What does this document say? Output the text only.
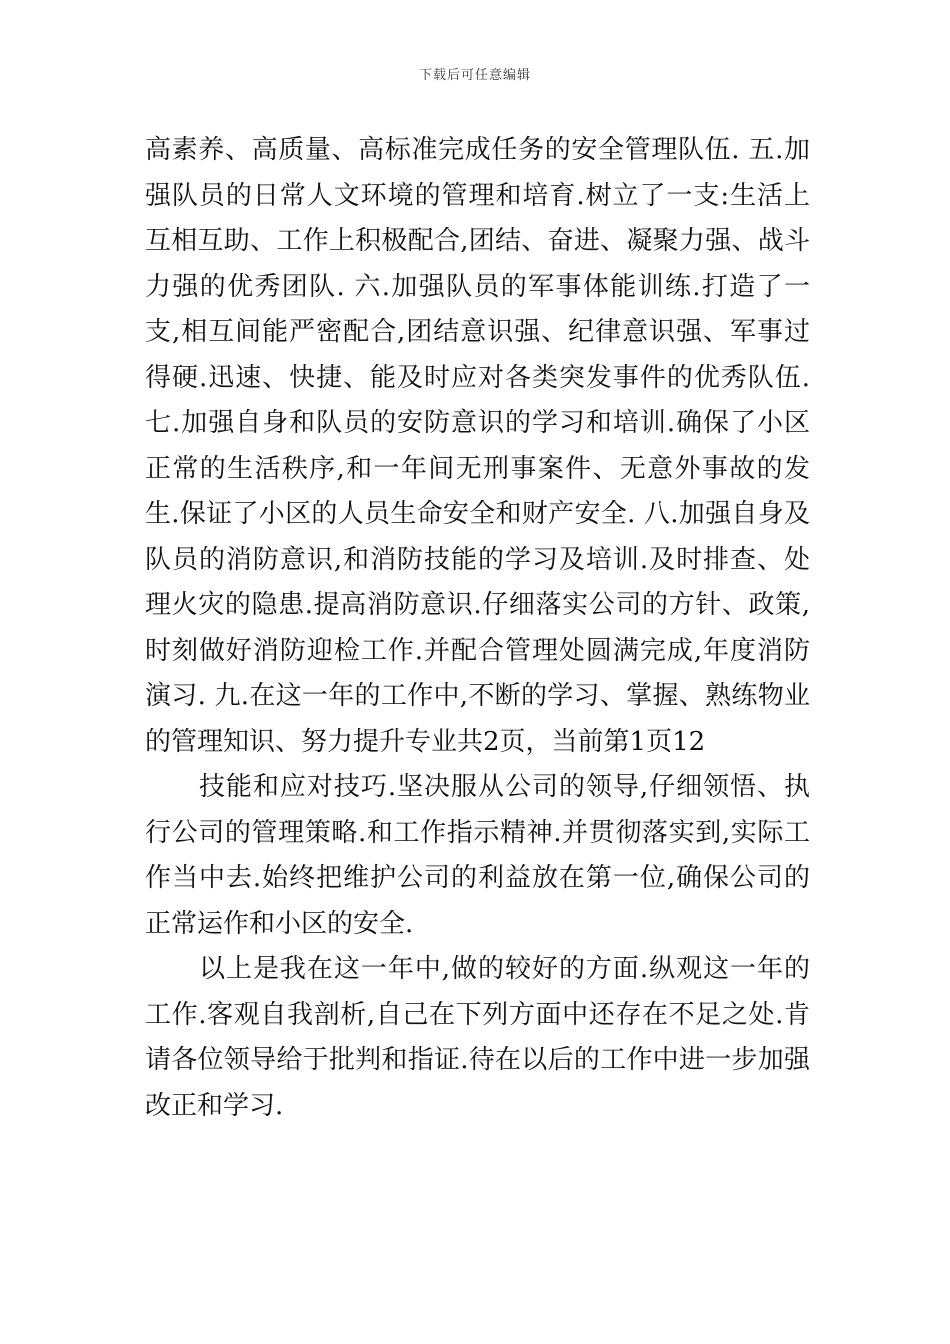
下载后可任意编辑

高素养、高质量、高标准完成任务的安全管理队伍. 五.加强队员的日常人文环境的管理和培育.树立了一支:生活上互相互助、工作上积极配合,团结、奋进、凝聚力强、战斗力强的优秀团队. 六.加强队员的军事体能训练.打造了一支,相互间能严密配合,团结意识强、纪律意识强、军事过得硬.迅速、快捷、能及时应对各类突发事件的优秀队伍. 七.加强自身和队员的安防意识的学习和培训.确保了小区正常的生活秩序,和一年间无刑事案件、无意外事故的发生.保证了小区的人员生命安全和财产安全. 八.加强自身及队员的消防意识,和消防技能的学习及培训.及时排查、处理火灾的隐患.提高消防意识.仔细落实公司的方针、政策,时刻做好消防迎检工作.并配合管理处圆满完成,年度消防演习. 九.在这一年的工作中,不断的学习、掌握、熟练物业的管理知识、努力提升专业共2页，当前第1页12

技能和应对技巧.坚决服从公司的领导,仔细领悟、执行公司的管理策略.和工作指示精神.并贯彻落实到,实际工作当中去.始终把维护公司的利益放在第一位,确保公司的正常运作和小区的安全.

以上是我在这一年中,做的较好的方面.纵观这一年的工作.客观自我剖析,自己在下列方面中还存在不足之处.肯请各位领导给于批判和指证.待在以后的工作中进一步加强改正和学习.
